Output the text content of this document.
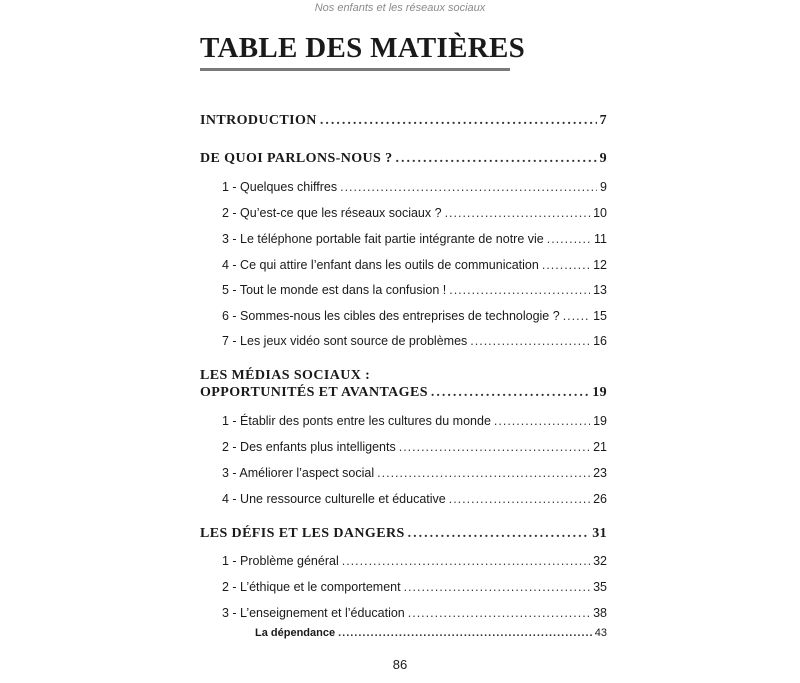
Nos enfants et les réseaux sociaux
TABLE DES MATIÈRES
INTRODUCTION .....	7
DE QUOI PARLONS-NOUS ? .....	9
1 - Quelques chiffres .....	9
2 - Qu’est-ce que les réseaux sociaux ? .....	10
3 - Le téléphone portable fait partie intégrante de notre vie .....	11
4 - Ce qui attire l’enfant dans les outils de communication .....	12
5 - Tout le monde est dans la confusion ! .....	13
6 - Sommes-nous les cibles des entreprises de technologie ? .....	15
7 - Les jeux vidéo sont source de problèmes .....	16
LES MÉDIAS SOCIAUX :
OPPORTUNITÉS ET AVANTAGES .....	19
1 - Établir des ponts entre les cultures du monde .....	19
2 - Des enfants plus intelligents .....	21
3 - Améliorer l’aspect social .....	23
4 - Une ressource culturelle et éducative .....	26
LES DÉFIS ET LES DANGERS .....	31
1 - Problème général .....	32
2 - L’éthique et le comportement .....	35
3 - L’enseignement et l’éducation .....	38
La dépendance .....	43
86
